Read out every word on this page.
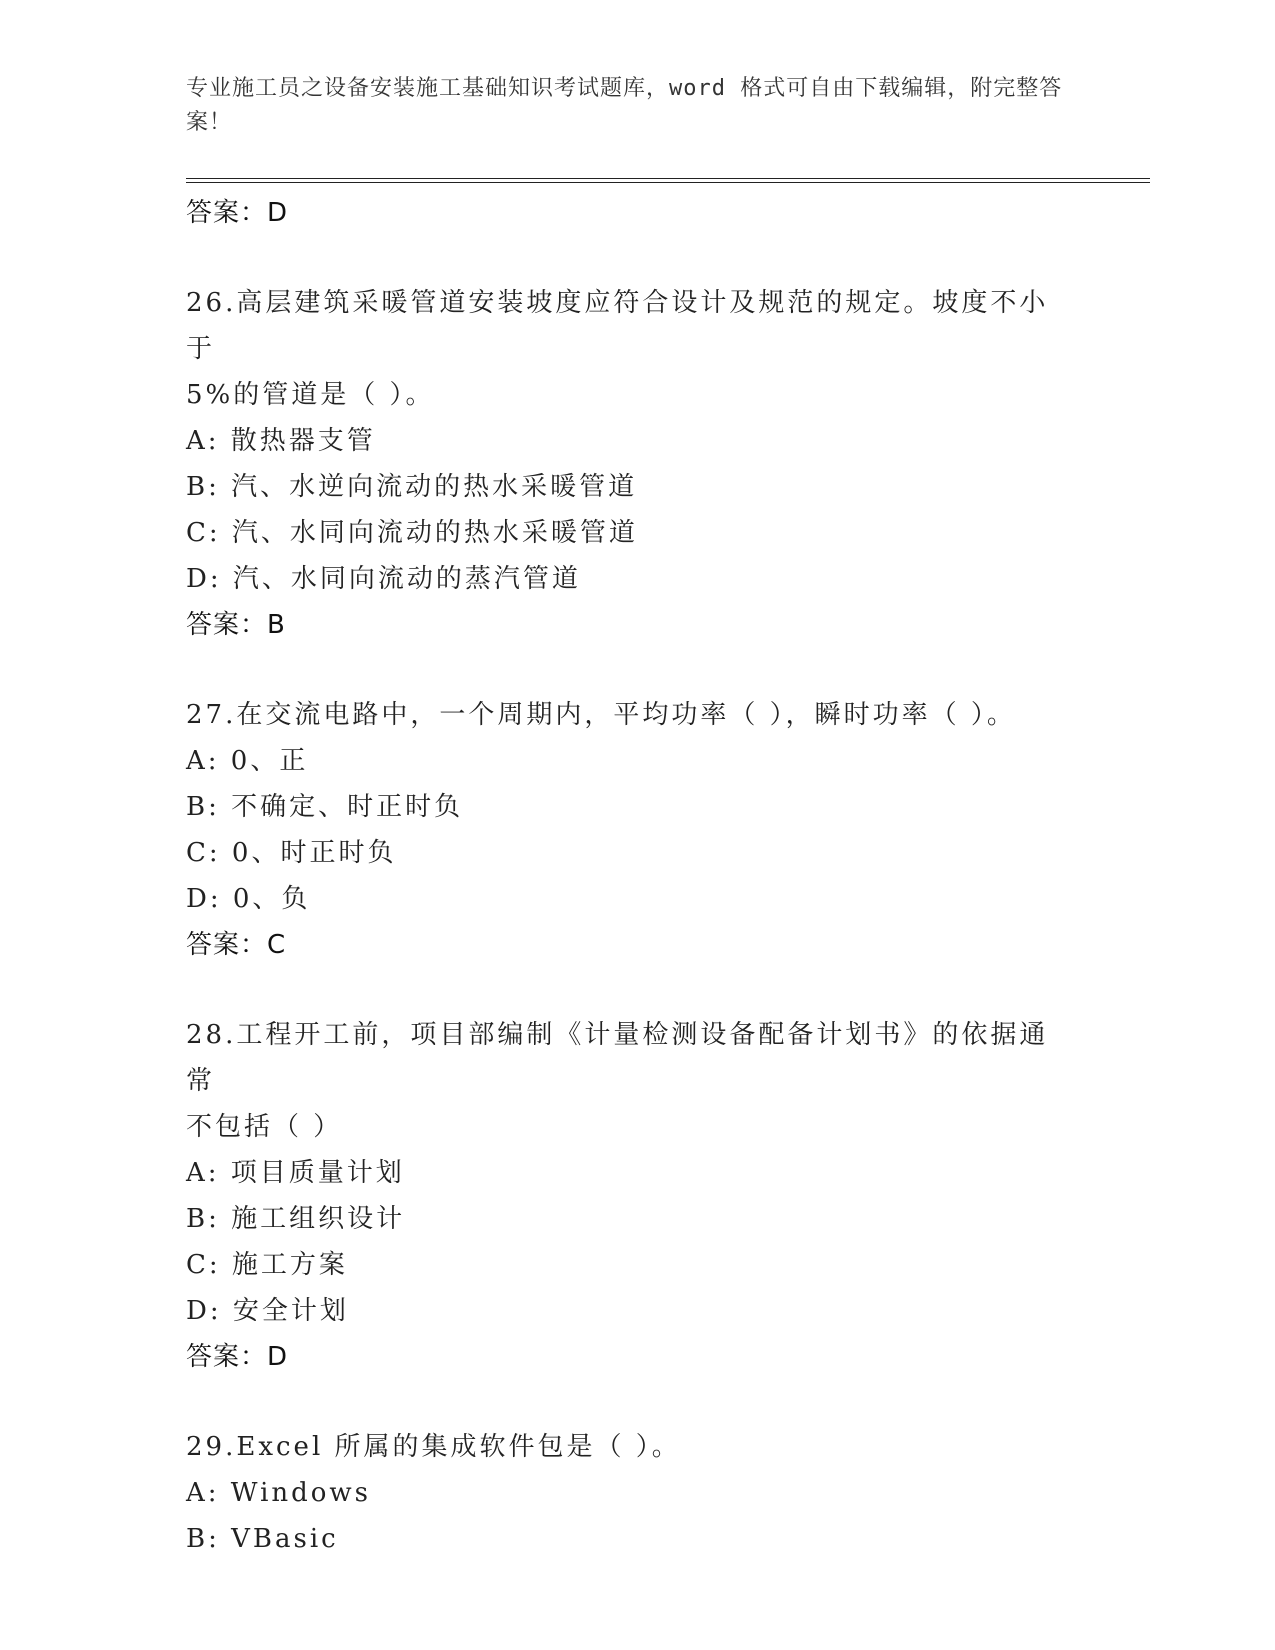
专业施工员之设备安装施工基础知识考试题库，word 格式可自由下载编辑，附完整答案！
答案：D
26.高层建筑采暖管道安装坡度应符合设计及规范的规定。坡度不小于
5%的管道是（ ）。
A: 散热器支管
B: 汽、水逆向流动的热水采暖管道
C: 汽、水同向流动的热水采暖管道
D: 汽、水同向流动的蒸汽管道
答案：B
27.在交流电路中，一个周期内，平均功率（ ），瞬时功率（ ）。
A: 0、正
B: 不确定、时正时负
C: 0、时正时负
D: 0、负
答案：C
28.工程开工前，项目部编制《计量检测设备配备计划书》的依据通常
不包括（ ）
A: 项目质量计划
B: 施工组织设计
C: 施工方案
D: 安全计划
答案：D
29.Excel 所属的集成软件包是（ ）。
A: Windows
B: VBasic
